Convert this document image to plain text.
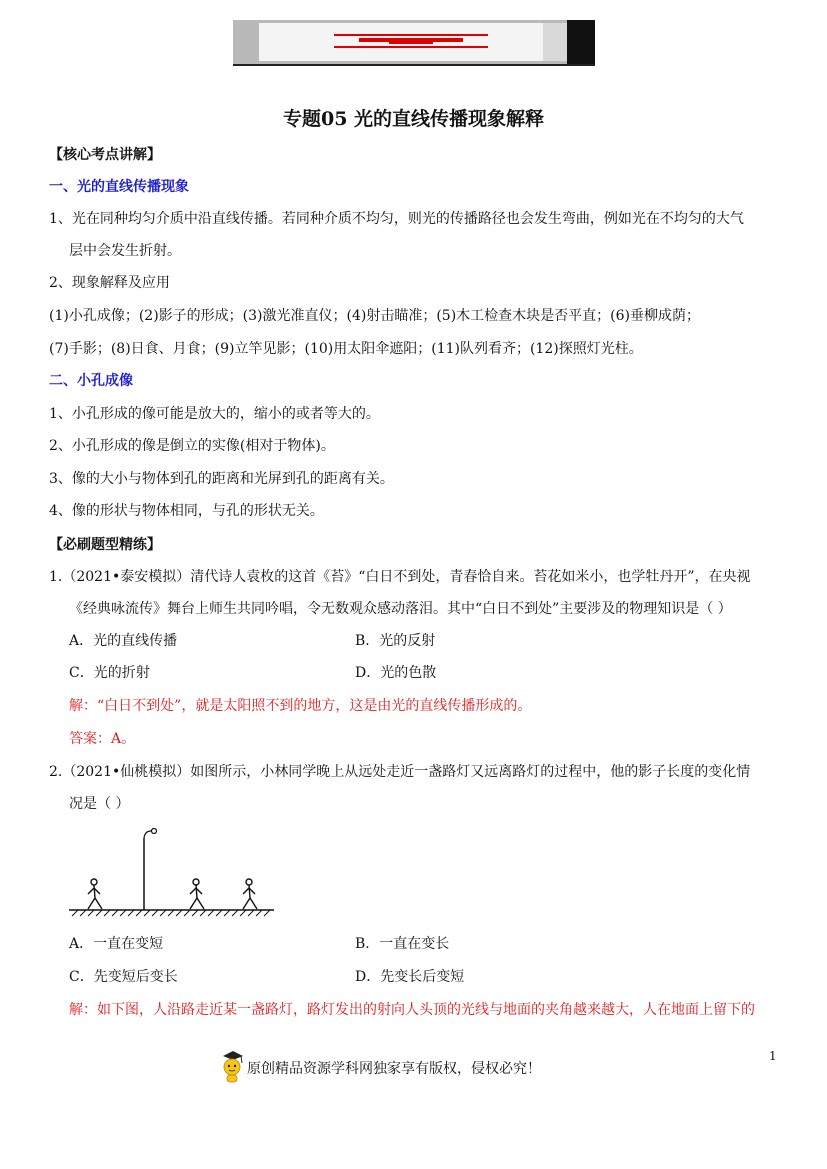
专题05 光的直线传播现象解释
【核心考点讲解】
一、光的直线传播现象
1、光在同种均匀介质中沿直线传播。若同种介质不均匀，则光的传播路径也会发生弯曲，例如光在不均匀的大气
层中会发生折射。
2、现象解释及应用
(1)小孔成像；(2)影子的形成；(3)激光准直仪；(4)射击瞄准；(5)木工检查木块是否平直；(6)垂柳成荫；
(7)手影；(8)日食、月食；(9)立竿见影；(10)用太阳伞遮阳；(11)队列看齐；(12)探照灯光柱。
二、小孔成像
1、小孔形成的像可能是放大的，缩小的或者等大的。
2、小孔形成的像是倒立的实像(相对于物体)。
3、像的大小与物体到孔的距离和光屏到孔的距离有关。
4、像的形状与物体相同，与孔的形状无关。
【必刷题型精练】
1.（2021•泰安模拟）清代诗人袁枚的这首《苔》“白日不到处，青春恰自来。苔花如米小，也学牡丹开”，在央视
《经典咏流传》舞台上师生共同吟唱，令无数观众感动落泪。其中“白日不到处”主要涉及的物理知识是（ ）
A．光的直线传播	B．光的反射
C．光的折射	D．光的色散
解：“白日不到处”，就是太阳照不到的地方，这是由光的直线传播形成的。
答案：A。
2.（2021•仙桃模拟）如图所示，小林同学晚上从远处走近一盏路灯又远离路灯的过程中，他的影子长度的变化情
况是（ ）
A．一直在变短	B．一直在变长
C．先变短后变长	D．先变长后变短
解：如下图，人沿路走近某一盏路灯，路灯发出的射向人头顶的光线与地面的夹角越来越大，人在地面上留下的
原创精品资源学科网独家享有版权，侵权必究！
1
